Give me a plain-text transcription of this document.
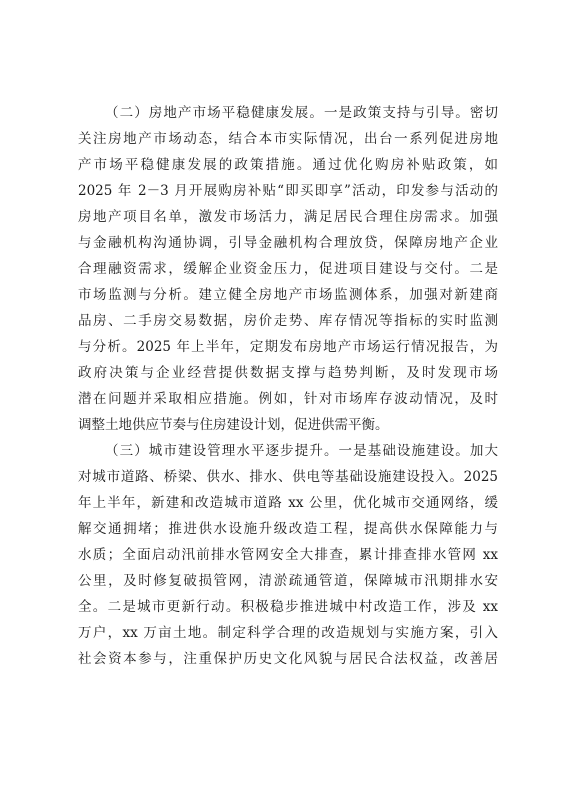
（二）房地产市场平稳健康发展。一是政策支持与引导。密切
关注房地产市场动态，结合本市实际情况，出台一系列促进房地
产市场平稳健康发展的政策措施。通过优化购房补贴政策，如
2025 年 2－3 月开展购房补贴“即买即享”活动，印发参与活动的
房地产项目名单，激发市场活力，满足居民合理住房需求。加强
与金融机构沟通协调，引导金融机构合理放贷，保障房地产企业
合理融资需求，缓解企业资金压力，促进项目建设与交付。二是
市场监测与分析。建立健全房地产市场监测体系，加强对新建商
品房、二手房交易数据，房价走势、库存情况等指标的实时监测
与分析。2025 年上半年，定期发布房地产市场运行情况报告，为
政府决策与企业经营提供数据支撑与趋势判断，及时发现市场
潜在问题并采取相应措施。例如，针对市场库存波动情况，及时
调整土地供应节奏与住房建设计划，促进供需平衡。
（三）城市建设管理水平逐步提升。一是基础设施建设。加大
对城市道路、桥梁、供水、排水、供电等基础设施建设投入。2025
年上半年，新建和改造城市道路 xx 公里，优化城市交通网络，缓
解交通拥堵；推进供水设施升级改造工程，提高供水保障能力与
水质；全面启动汛前排水管网安全大排查，累计排查排水管网 xx
公里，及时修复破损管网，清淤疏通管道，保障城市汛期排水安
全。二是城市更新行动。积极稳步推进城中村改造工作，涉及 xx
万户，xx 万亩土地。制定科学合理的改造规划与实施方案，引入
社会资本参与，注重保护历史文化风貌与居民合法权益，改善居
